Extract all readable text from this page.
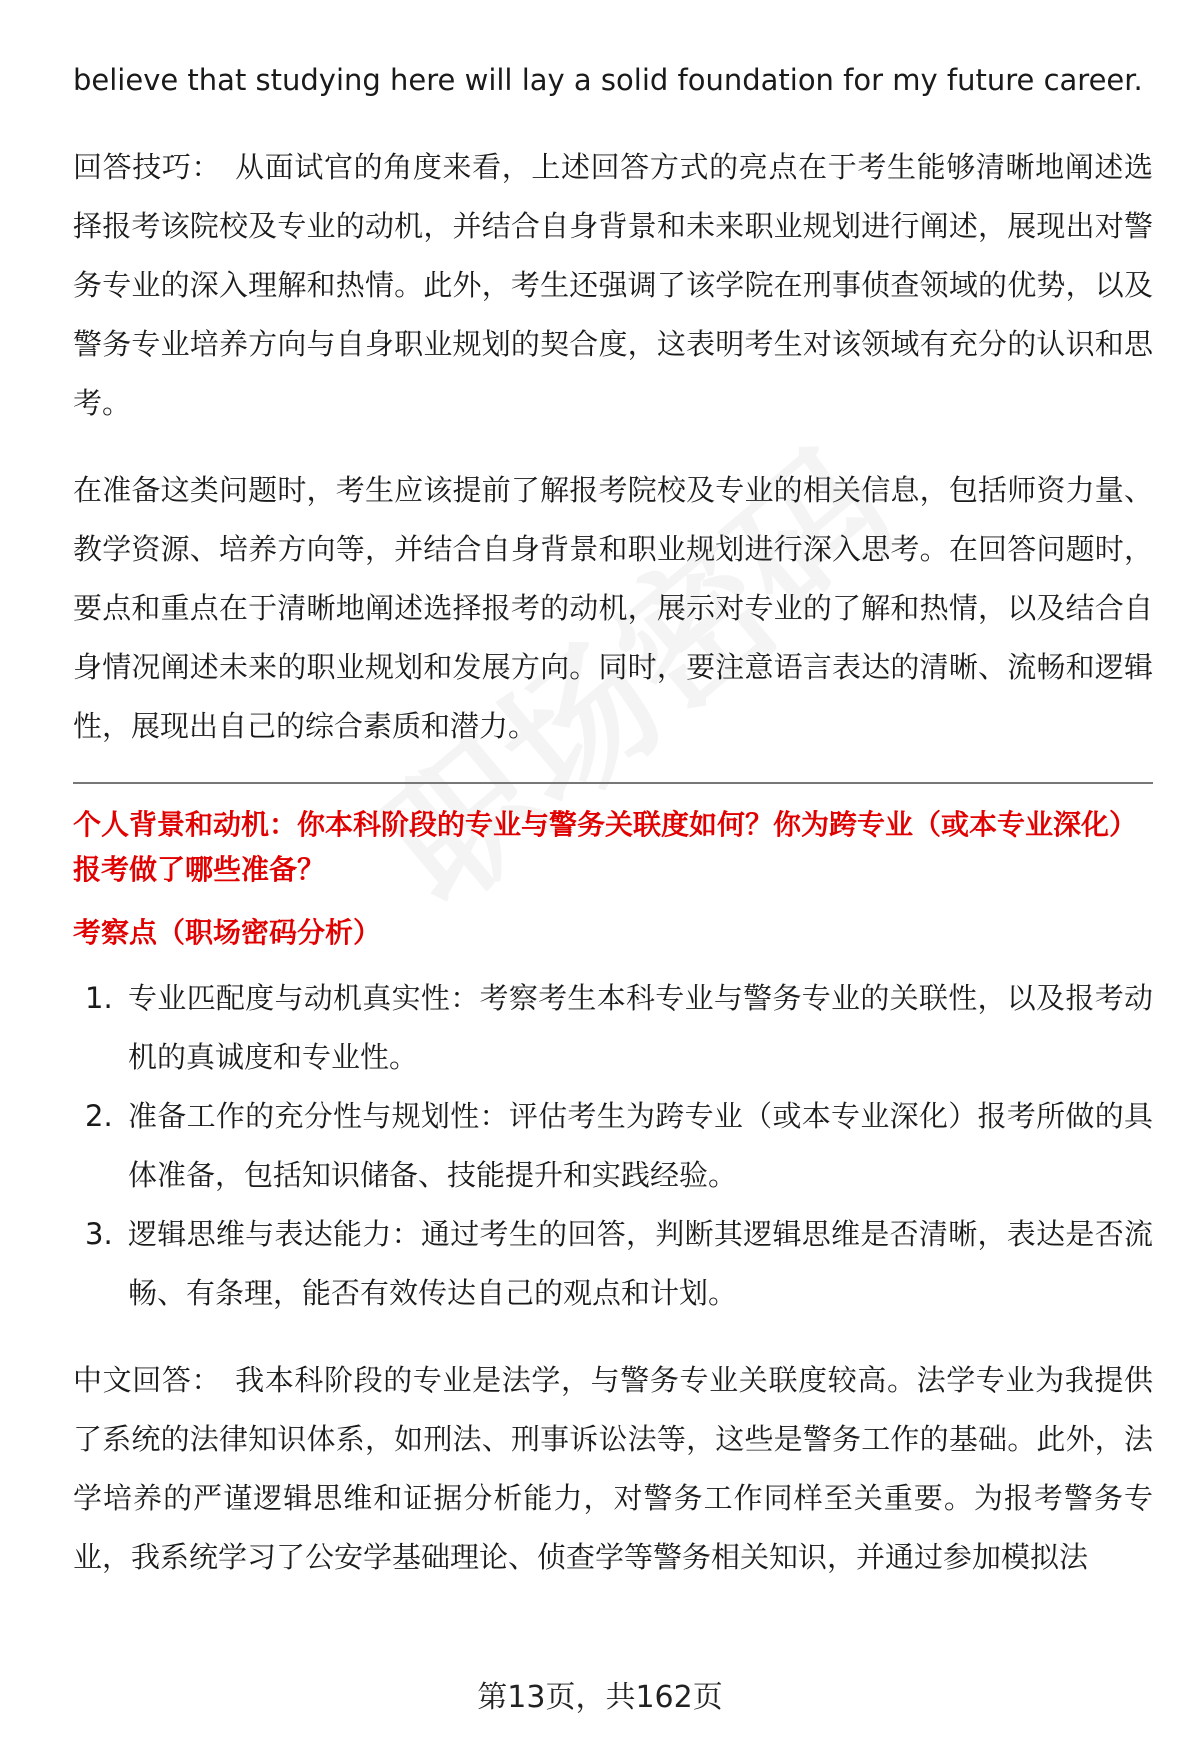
believe that studying here will lay a solid foundation for my future career.

回答技巧： 从面试官的角度来看，上述回答方式的亮点在于考生能够清晰地阐述选择报考该院校及专业的动机，并结合自身背景和未来职业规划进行阐述，展现出对警务专业的深入理解和热情。此外，考生还强调了该学院在刑事侦查领域的优势，以及警务专业培养方向与自身职业规划的契合度，这表明考生对该领域有充分的认识和思考。

在准备这类问题时，考生应该提前了解报考院校及专业的相关信息，包括师资力量、教学资源、培养方向等，并结合自身背景和职业规划进行深入思考。在回答问题时，要点和重点在于清晰地阐述选择报考的动机，展示对专业的了解和热情，以及结合自身情况阐述未来的职业规划和发展方向。同时，要注意语言表达的清晰、流畅和逻辑性，展现出自己的综合素质和潜力。

个人背景和动机：你本科阶段的专业与警务关联度如何？你为跨专业（或本专业深化）报考做了哪些准备？

考察点（职场密码分析）

1. 专业匹配度与动机真实性：考察考生本科专业与警务专业的关联性，以及报考动机的真诚度和专业性。
2. 准备工作的充分性与规划性：评估考生为跨专业（或本专业深化）报考所做的具体准备，包括知识储备、技能提升和实践经验。
3. 逻辑思维与表达能力：通过考生的回答，判断其逻辑思维是否清晰，表达是否流畅、有条理，能否有效传达自己的观点和计划。

中文回答： 我本科阶段的专业是法学，与警务专业关联度较高。法学专业为我提供了系统的法律知识体系，如刑法、刑事诉讼法等，这些是警务工作的基础。此外，法学培养的严谨逻辑思维和证据分析能力，对警务工作同样至关重要。为报考警务专业，我系统学习了公安学基础理论、侦查学等警务相关知识，并通过参加模拟法

第13页，共162页
